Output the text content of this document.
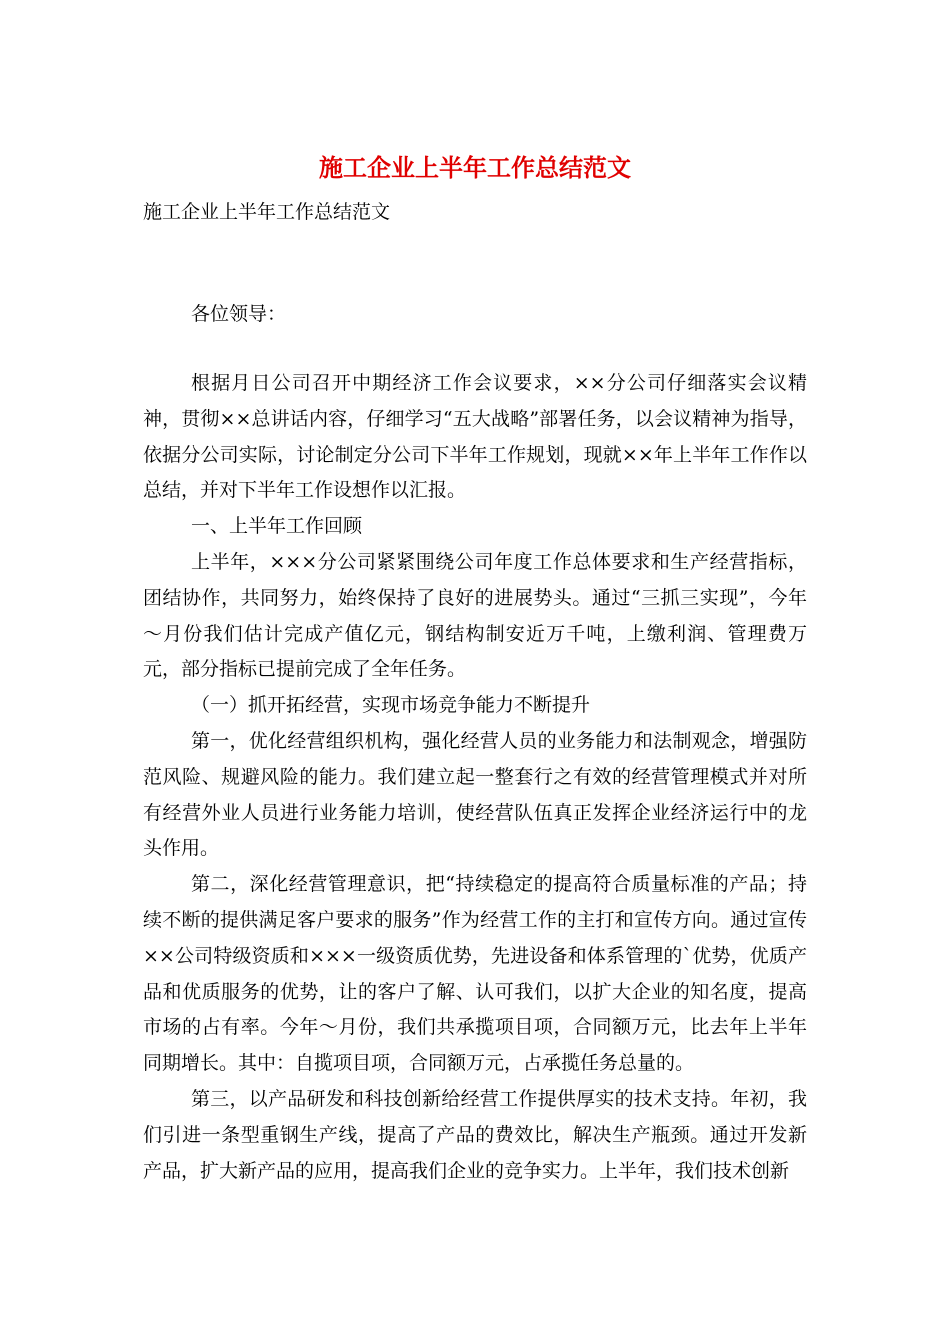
施工企业上半年工作总结范文

施工企业上半年工作总结范文

各位领导：

根据月日公司召开中期经济工作会议要求，××分公司仔细落实会议精神，贯彻××总讲话内容，仔细学习“五大战略”部署任务，以会议精神为指导，依据分公司实际，讨论制定分公司下半年工作规划，现就××年上半年工作作以总结，并对下半年工作设想作以汇报。

一、上半年工作回顾

上半年，×××分公司紧紧围绕公司年度工作总体要求和生产经营指标，团结协作，共同努力，始终保持了良好的进展势头。通过“三抓三实现”，今年～月份我们估计完成产值亿元，钢结构制安近万千吨，上缴利润、管理费万元，部分指标已提前完成了全年任务。

（一）抓开拓经营，实现市场竞争能力不断提升

第一，优化经营组织机构，强化经营人员的业务能力和法制观念，增强防范风险、规避风险的能力。我们建立起一整套行之有效的经营管理模式并对所有经营外业人员进行业务能力培训，使经营队伍真正发挥企业经济运行中的龙头作用。

第二，深化经营管理意识，把“持续稳定的提高符合质量标准的产品；持续不断的提供满足客户要求的服务”作为经营工作的主打和宣传方向。通过宣传××公司特级资质和×××一级资质优势，先进设备和体系管理的`优势，优质产品和优质服务的优势，让的客户了解、认可我们，以扩大企业的知名度，提高市场的占有率。今年～月份，我们共承揽项目项，合同额万元，比去年上半年同期增长。其中：自揽项目项，合同额万元，占承揽任务总量的。

第三，以产品研发和科技创新给经营工作提供厚实的技术支持。年初，我们引进一条型重钢生产线，提高了产品的费效比，解决生产瓶颈。通过开发新产品，扩大新产品的应用，提高我们企业的竞争实力。上半年，我们技术创新
